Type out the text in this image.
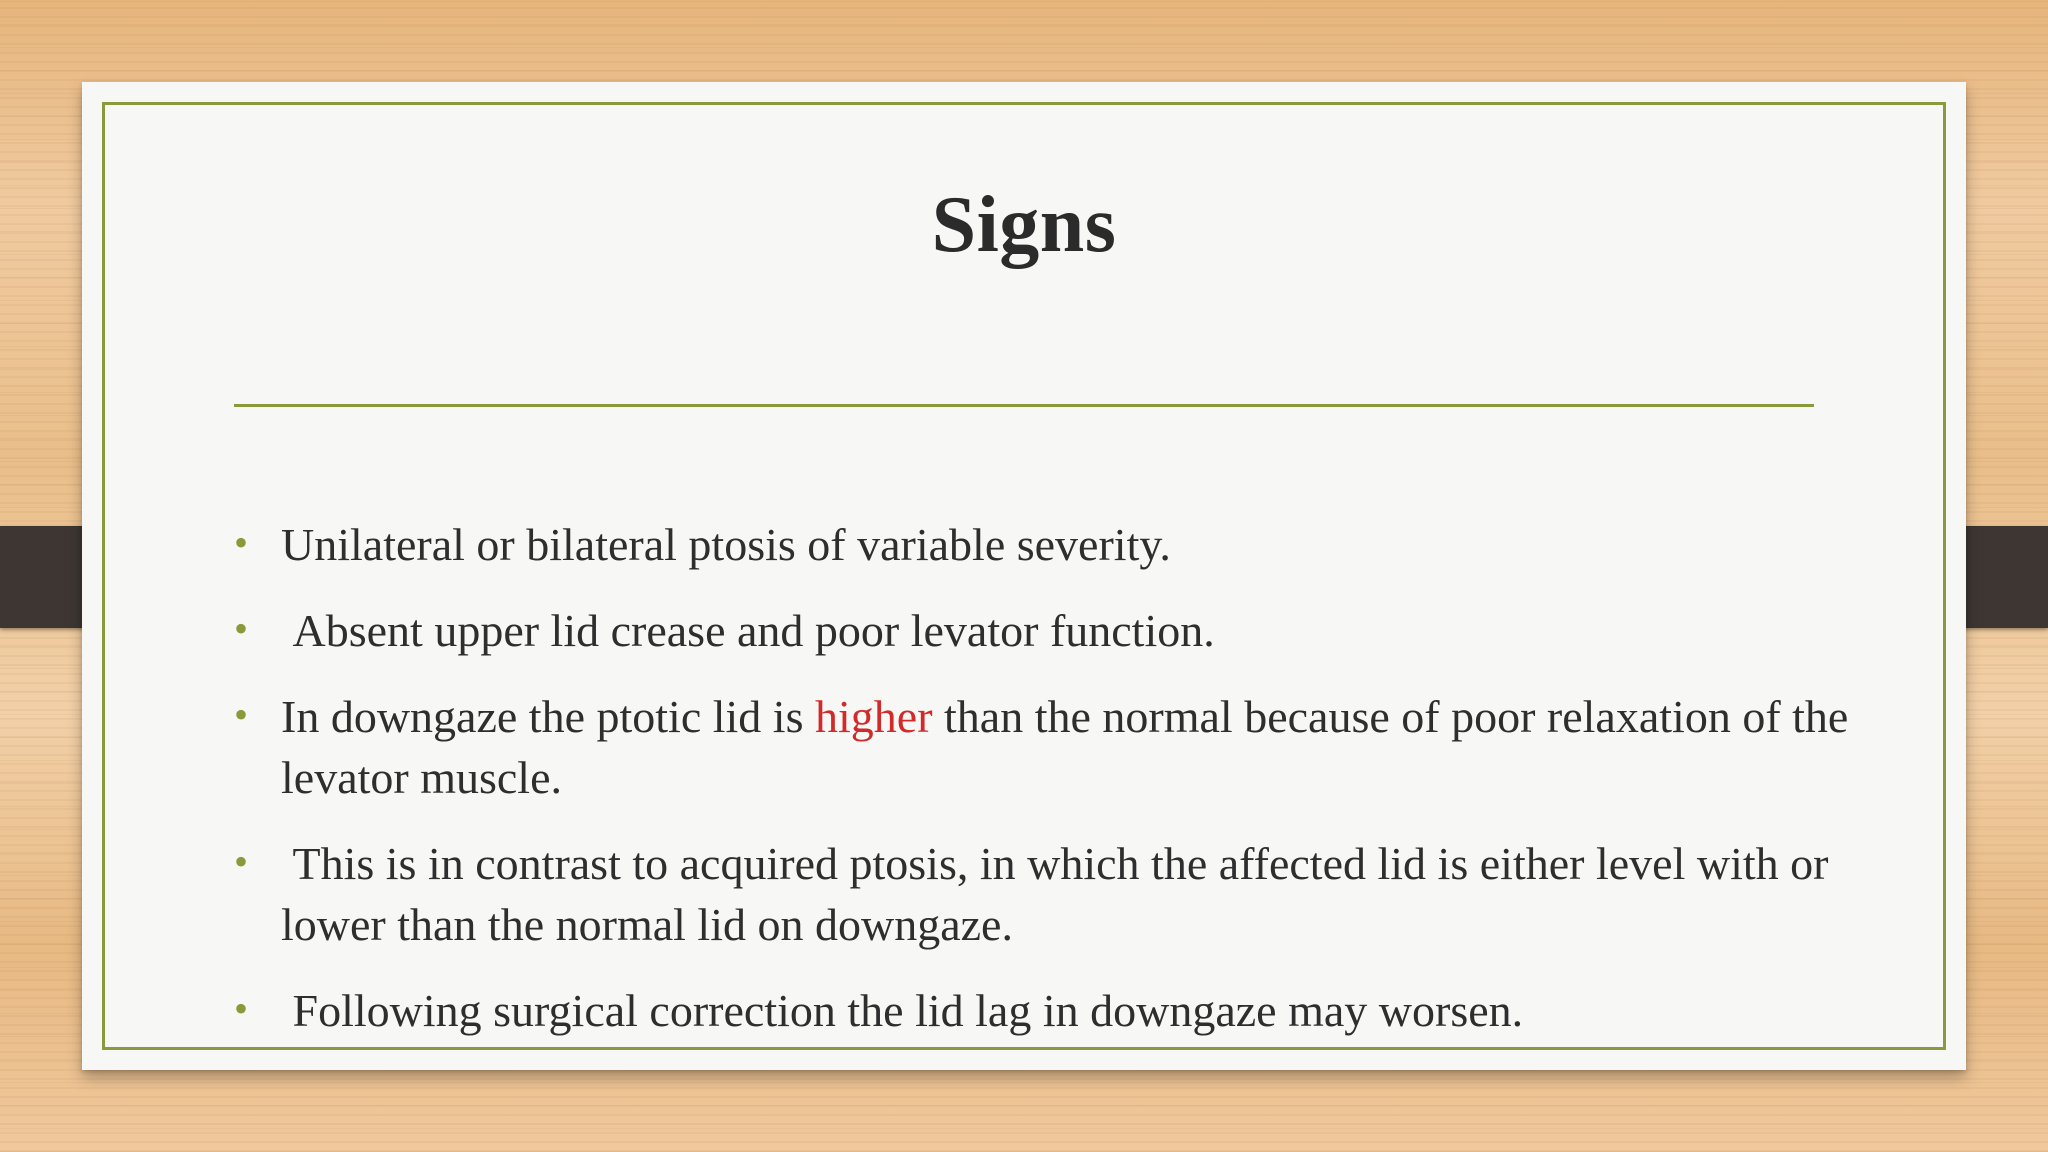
Signs
• Unilateral or bilateral ptosis of variable severity.
• Absent upper lid crease and poor levator function.
• In downgaze the ptotic lid is higher than the normal because of poor relaxation of the levator muscle.
• This is in contrast to acquired ptosis, in which the affected lid is either level with or lower than the normal lid on downgaze.
• Following surgical correction the lid lag in downgaze may worsen.
